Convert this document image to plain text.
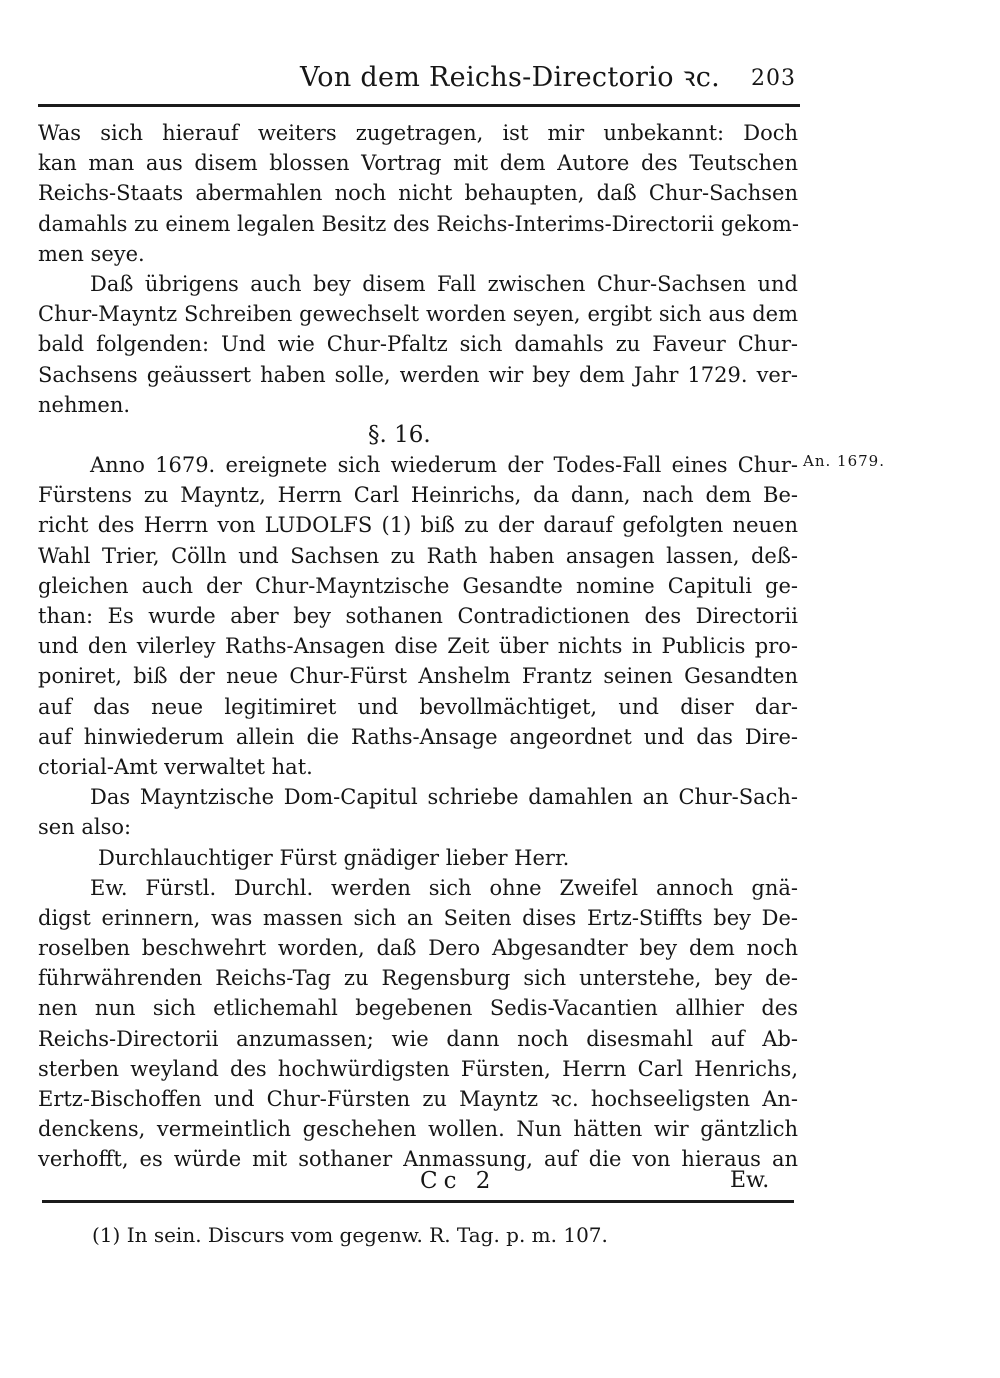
Von dem Reichs-Directorio ꝛc.	203
Was sich hierauf weiters zugetragen, ist mir unbekannt: Doch
kan man aus disem blossen Vortrag mit dem Autore des Teutschen
Reichs-Staats abermahlen noch nicht behaupten, daß Chur-Sachsen
damahls zu einem legalen Besitz des Reichs-Interims-Directorii gekom-
men seye.
Daß übrigens auch bey disem Fall zwischen Chur-Sachsen und
Chur-Mayntz Schreiben gewechselt worden seyen, ergibt sich aus dem
bald folgenden: Und wie Chur-Pfaltz sich damahls zu Faveur Chur-
Sachsens geäussert haben solle, werden wir bey dem Jahr 1729. ver-
nehmen.
§. 16.
Anno 1679. ereignete sich wiederum der Todes-Fall eines Chur-
Fürstens zu Mayntz, Herrn Carl Heinrichs, da dann, nach dem Be-
richt des Herrn von LUDOLFS (1) biß zu der darauf gefolgten neuen
Wahl Trier, Cölln und Sachsen zu Rath haben ansagen lassen, deß-
gleichen auch der Chur-Mayntzische Gesandte nomine Capituli ge-
than: Es wurde aber bey sothanen Contradictionen des Directorii
und den vilerley Raths-Ansagen dise Zeit über nichts in Publicis pro-
poniret, biß der neue Chur-Fürst Anshelm Frantz seinen Gesandten
auf das neue legitimiret und bevollmächtiget, und diser dar-
auf hinwiederum allein die Raths-Ansage angeordnet und das Dire-
ctorial-Amt verwaltet hat.
Das Mayntzische Dom-Capitul schriebe damahlen an Chur-Sach-
sen also:
Durchlauchtiger Fürst gnädiger lieber Herr.
Ew. Fürstl. Durchl. werden sich ohne Zweifel annoch gnä-
digst erinnern, was massen sich an Seiten dises Ertz-Stiffts bey De-
roselben beschwehrt worden, daß Dero Abgesandter bey dem noch
führwährenden Reichs-Tag zu Regensburg sich unterstehe, bey de-
nen nun sich etlichemahl begebenen Sedis-Vacantien allhier des
Reichs-Directorii anzumassen; wie dann noch disesmahl auf Ab-
sterben weyland des hochwürdigsten Fürsten, Herrn Carl Henrichs,
Ertz-Bischoffen und Chur-Fürsten zu Mayntz ꝛc. hochseeligsten An-
denckens, vermeintlich geschehen wollen. Nun hätten wir gäntzlich
verhofft, es würde mit sothaner Anmassung, auf die von hieraus an
An. 1679.
Cc 2	Ew.
(1) In sein. Discurs vom gegenw. R. Tag. p. m. 107.
